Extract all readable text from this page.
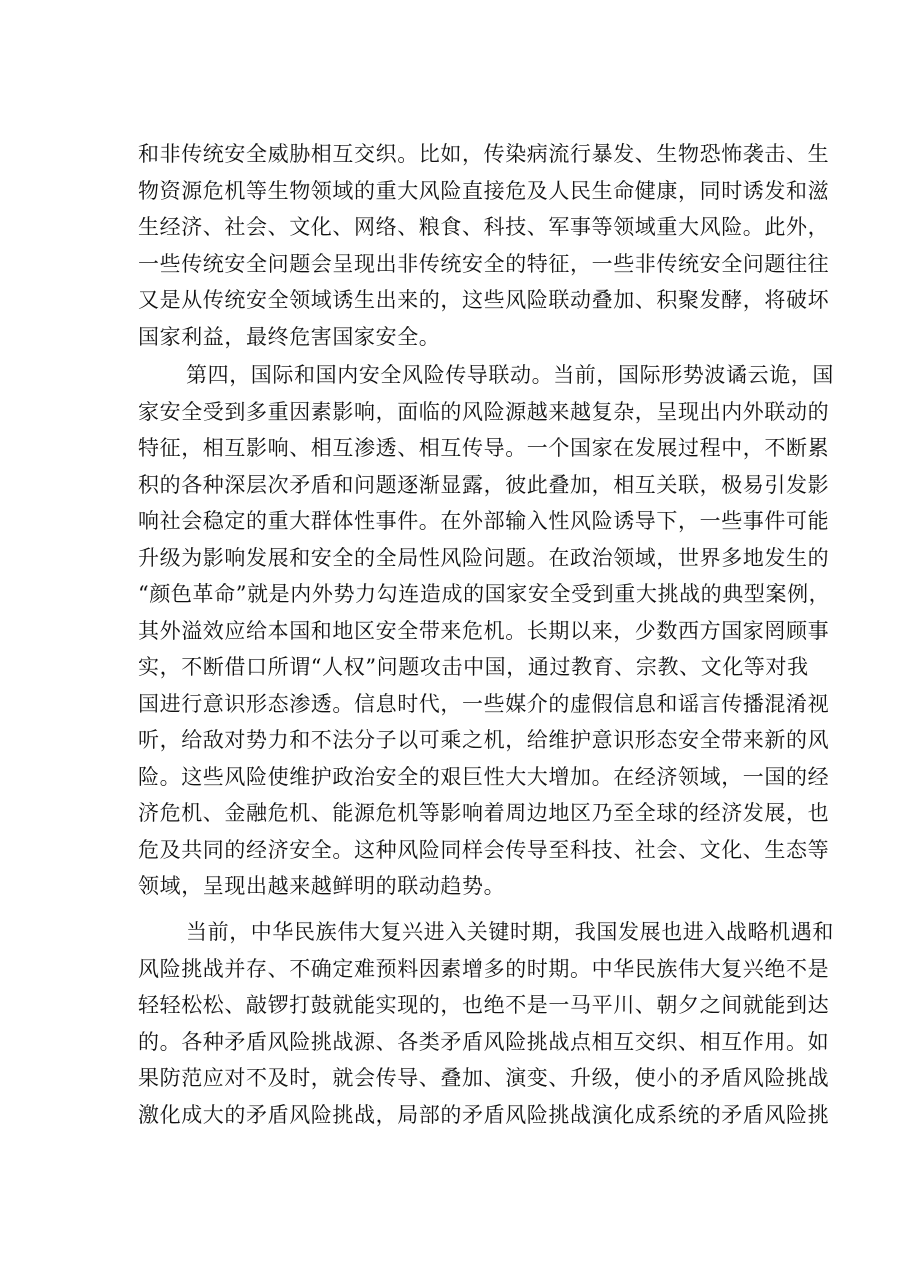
和非传统安全威胁相互交织。比如，传染病流行暴发、生物恐怖袭击、生
物资源危机等生物领域的重大风险直接危及人民生命健康，同时诱发和滋
生经济、社会、文化、网络、粮食、科技、军事等领域重大风险。此外，
一些传统安全问题会呈现出非传统安全的特征，一些非传统安全问题往往
又是从传统安全领域诱生出来的，这些风险联动叠加、积聚发酵，将破坏
国家利益，最终危害国家安全。
第四，国际和国内安全风险传导联动。当前，国际形势波谲云诡，国
家安全受到多重因素影响，面临的风险源越来越复杂，呈现出内外联动的
特征，相互影响、相互渗透、相互传导。一个国家在发展过程中，不断累
积的各种深层次矛盾和问题逐渐显露，彼此叠加，相互关联，极易引发影
响社会稳定的重大群体性事件。在外部输入性风险诱导下，一些事件可能
升级为影响发展和安全的全局性风险问题。在政治领域，世界多地发生的
“颜色革命”就是内外势力勾连造成的国家安全受到重大挑战的典型案例，
其外溢效应给本国和地区安全带来危机。长期以来，少数西方国家罔顾事
实，不断借口所谓“人权”问题攻击中国，通过教育、宗教、文化等对我
国进行意识形态渗透。信息时代，一些媒介的虚假信息和谣言传播混淆视
听，给敌对势力和不法分子以可乘之机，给维护意识形态安全带来新的风
险。这些风险使维护政治安全的艰巨性大大增加。在经济领域，一国的经
济危机、金融危机、能源危机等影响着周边地区乃至全球的经济发展，也
危及共同的经济安全。这种风险同样会传导至科技、社会、文化、生态等
领域，呈现出越来越鲜明的联动趋势。
当前，中华民族伟大复兴进入关键时期，我国发展也进入战略机遇和
风险挑战并存、不确定难预料因素增多的时期。中华民族伟大复兴绝不是
轻轻松松、敲锣打鼓就能实现的，也绝不是一马平川、朝夕之间就能到达
的。各种矛盾风险挑战源、各类矛盾风险挑战点相互交织、相互作用。如
果防范应对不及时，就会传导、叠加、演变、升级，使小的矛盾风险挑战
激化成大的矛盾风险挑战，局部的矛盾风险挑战演化成系统的矛盾风险挑
